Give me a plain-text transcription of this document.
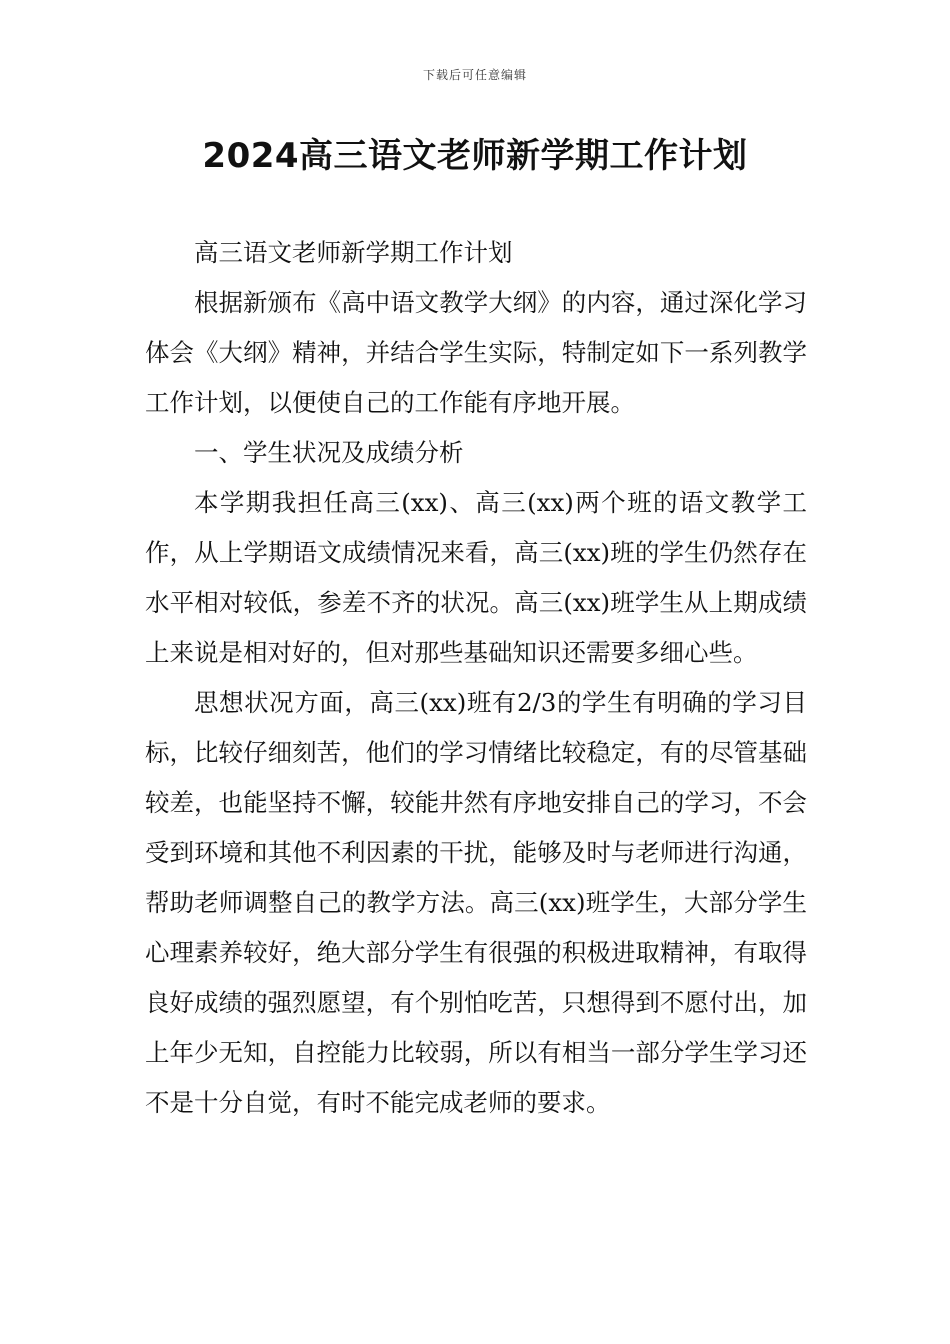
下载后可任意编辑
2024高三语文老师新学期工作计划

高三语文老师新学期工作计划

根据新颁布《高中语文教学大纲》的内容，通过深化学习体会《大纲》精神，并结合学生实际，特制定如下一系列教学工作计划，以便使自己的工作能有序地开展。

一、学生状况及成绩分析

本学期我担任高三(xx)、高三(xx)两个班的语文教学工作，从上学期语文成绩情况来看，高三(xx)班的学生仍然存在水平相对较低，参差不齐的状况。高三(xx)班学生从上期成绩上来说是相对好的，但对那些基础知识还需要多细心些。

思想状况方面，高三(xx)班有2/3的学生有明确的学习目标，比较仔细刻苦，他们的学习情绪比较稳定，有的尽管基础较差，也能坚持不懈，较能井然有序地安排自己的学习，不会受到环境和其他不利因素的干扰，能够及时与老师进行沟通，帮助老师调整自己的教学方法。高三(xx)班学生，大部分学生心理素养较好，绝大部分学生有很强的积极进取精神，有取得良好成绩的强烈愿望，有个别怕吃苦，只想得到不愿付出，加上年少无知，自控能力比较弱，所以有相当一部分学生学习还不是十分自觉，有时不能完成老师的要求。
